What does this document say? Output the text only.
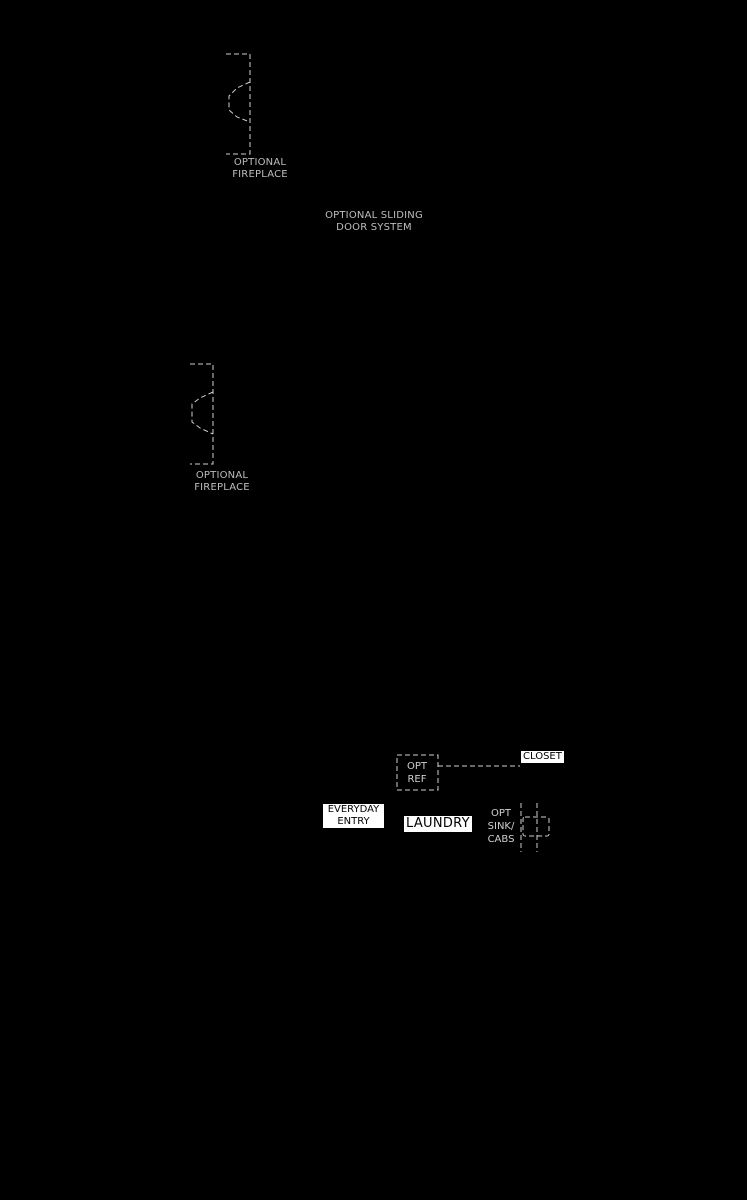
OPTIONAL
FIREPLACE
OPTIONAL SLIDING
DOOR SYSTEM
OPTIONAL
FIREPLACE
CLOSET
OPT
REF
EVERYDAY
ENTRY	LAUNDRY
OPT
SINK/
CABS
